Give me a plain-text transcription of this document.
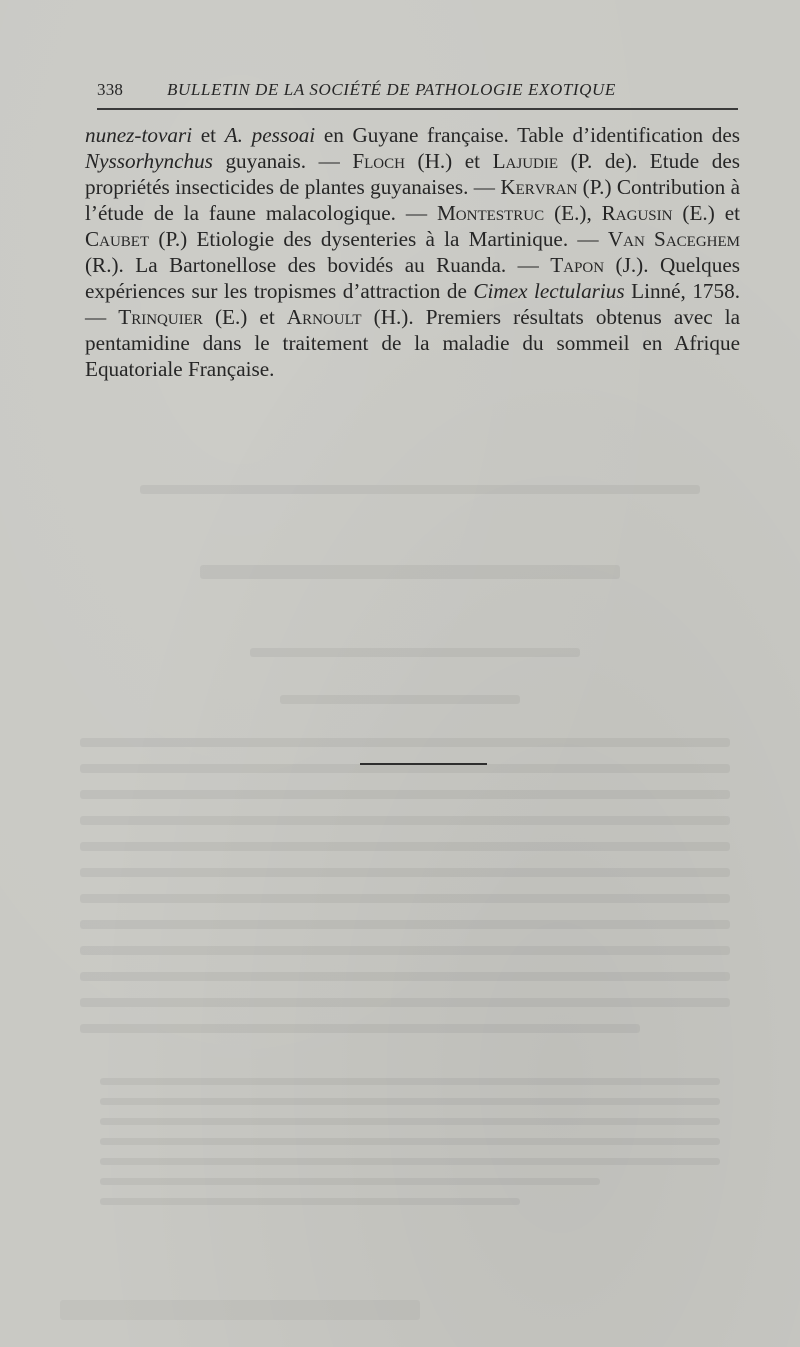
338	BULLETIN DE LA SOCIÉTÉ DE PATHOLOGIE EXOTIQUE

nunez-tovari et A. pessoai en Guyane française. Table d’identification des Nyssorhynchus guyanais. — Floch (H.) et Lajudie (P. de). Etude des propriétés insecticides de plantes guyanaises. — Kervran (P.) Contribution à l’étude de la faune malacologique. — Montestruc (E.), Ragusin (E.) et Caubet (P.) Etiologie des dysenteries à la Martinique. — Van Saceghem (R.). La Bartonellose des bovidés au Ruanda. — Tapon (J.). Quelques expériences sur les tropismes d’attraction de Cimex lectularius Linné, 1758. — Trinquier (E.) et Arnoult (H.). Premiers résultats obtenus avec la pentamidine dans le traitement de la maladie du sommeil en Afrique Equatoriale Française.
